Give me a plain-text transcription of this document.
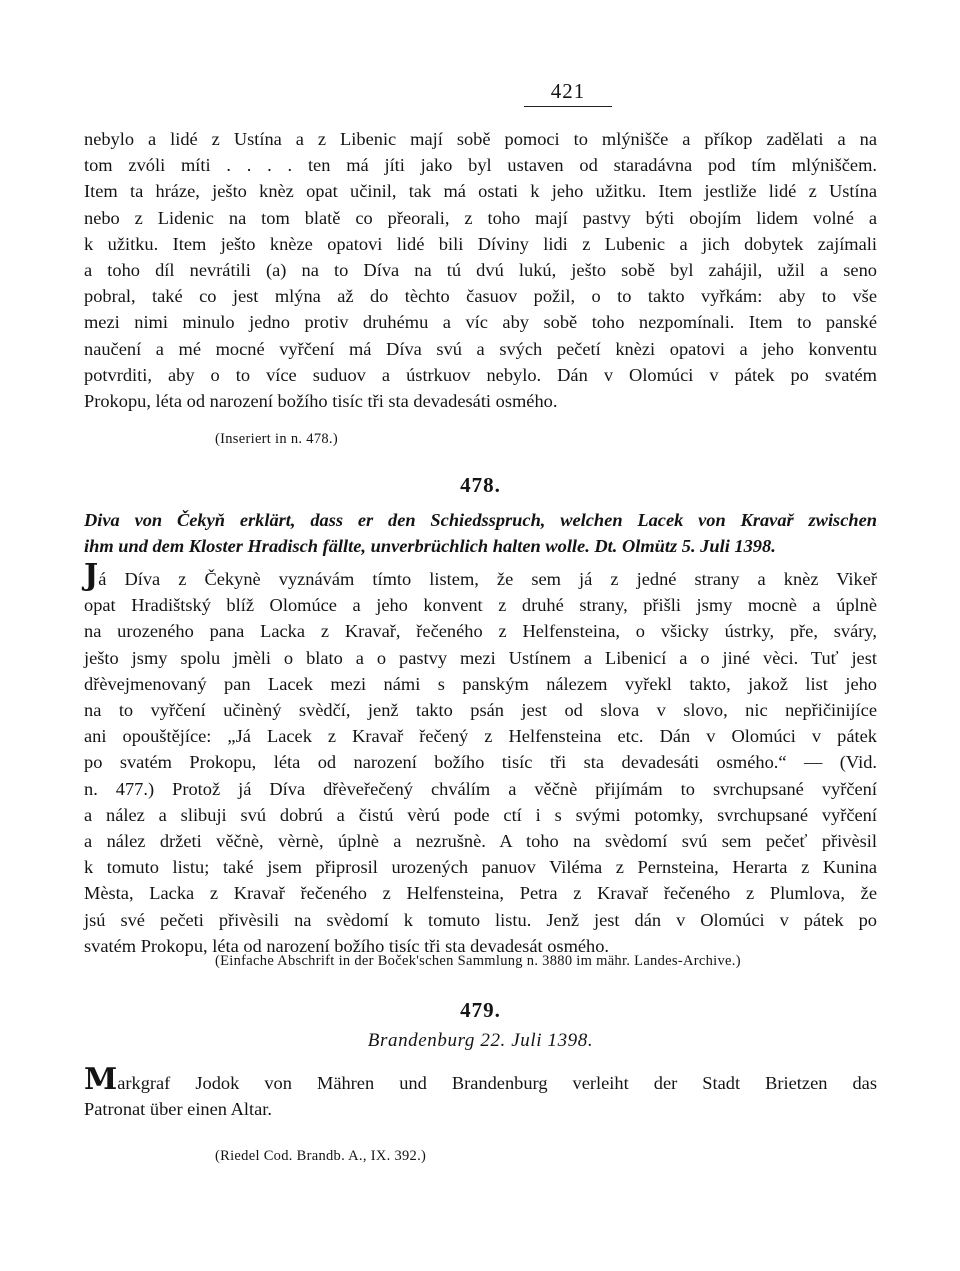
421
nebylo a lidé z Ustína a z Libenic mají sobě pomoci to mlýnišče a příkop zadělati a na
tom zvóli míti . . . . ten má jíti jako byl ustaven od staradávna pod tím mlýniščem.
Item ta hráze, ješto knèz opat učinil, tak má ostati k jeho užitku. Item jestliže lidé z Ustína
nebo z Lidenic na tom blatě co přeorali, z toho mají pastvy býti obojím lidem volné a
k užitku. Item ješto knèze opatovi lidé bili Díviny lidi z Lubenic a jich dobytek zajímali
a toho díl nevrátili (a) na to Díva na tú dvú lukú, ješto sobě byl zahájil, užil a seno
pobral, také co jest mlýna až do tèchto časuov požil, o to takto vyřkám: aby to vše
mezi nimi minulo jedno protiv druhému a víc aby sobě toho nezpomínali. Item to panské
naučení a mé mocné vyřčení má Díva svú a svých pečetí knèzi opatovi a jeho konventu
potvrditi, aby o to více suduov a ústrkuov nebylo. Dán v Olomúci v pátek po svatém
Prokopu, léta od narození božího tisíc tři sta devadesáti osmého.
(Inseriert in n. 478.)
478.
Diva von Čekyň erklärt, dass er den Schiedsspruch, welchen Lacek von Kravař zwischen
ihm und dem Kloster Hradisch fällte, unverbrüchlich halten wolle. Dt. Olmütz 5. Juli 1398.
Já Díva z Čekynè vyznávám tímto listem, že sem já z jedné strany a knèz Vikeř
opat Hradištský blíž Olomúce a jeho konvent z druhé strany, přišli jsmy mocnè a úplnè
na urozeného pana Lacka z Kravař, řečeného z Helfensteina, o všicky ústrky, pře, sváry,
ješto jsmy spolu jmèli o blato a o pastvy mezi Ustínem a Libenicí a o jiné vèci. Tuť jest
dřèvejmenovaný pan Lacek mezi námi s panským nálezem vyřekl takto, jakož list jeho
na to vyřčení učinèný svèdčí, jenž takto psán jest od slova v slovo, nic nepřičinijíce
ani opouštějíce: „Já Lacek z Kravař řečený z Helfensteina etc. Dán v Olomúci v pátek
po svatém Prokopu, léta od narození božího tisíc tři sta devadesáti osmého.“ — (Vid.
n. 477.) Protož já Díva dřèveřečený chválím a věčnè přijímám to svrchupsané vyřčení
a nález a slibuji svú dobrú a čistú vèrú pode ctí i s svými potomky, svrchupsané vyřčení
a nález držeti věčnè, vèrnè, úplnè a nezrušnè. A toho na svèdomí svú sem pečeť přivèsil
k tomuto listu; také jsem připrosil urozených panuov Viléma z Pernsteina, Herarta z Kunina
Mèsta, Lacka z Kravař řečeného z Helfensteina, Petra z Kravař řečeného z Plumlova, že
jsú své pečeti přivèsili na svèdomí k tomuto listu. Jenž jest dán v Olomúci v pátek po
svatém Prokopu, léta od narození božího tisíc tři sta devadesát osmého.
(Einfache Abschrift in der Boček'schen Sammlung n. 3880 im mähr. Landes-Archive.)
479.
Brandenburg 22. Juli 1398.
Markgraf Jodok von Mähren und Brandenburg verleiht der Stadt Brietzen das
Patronat über einen Altar.
(Riedel Cod. Brandb. A., IX. 392.)
